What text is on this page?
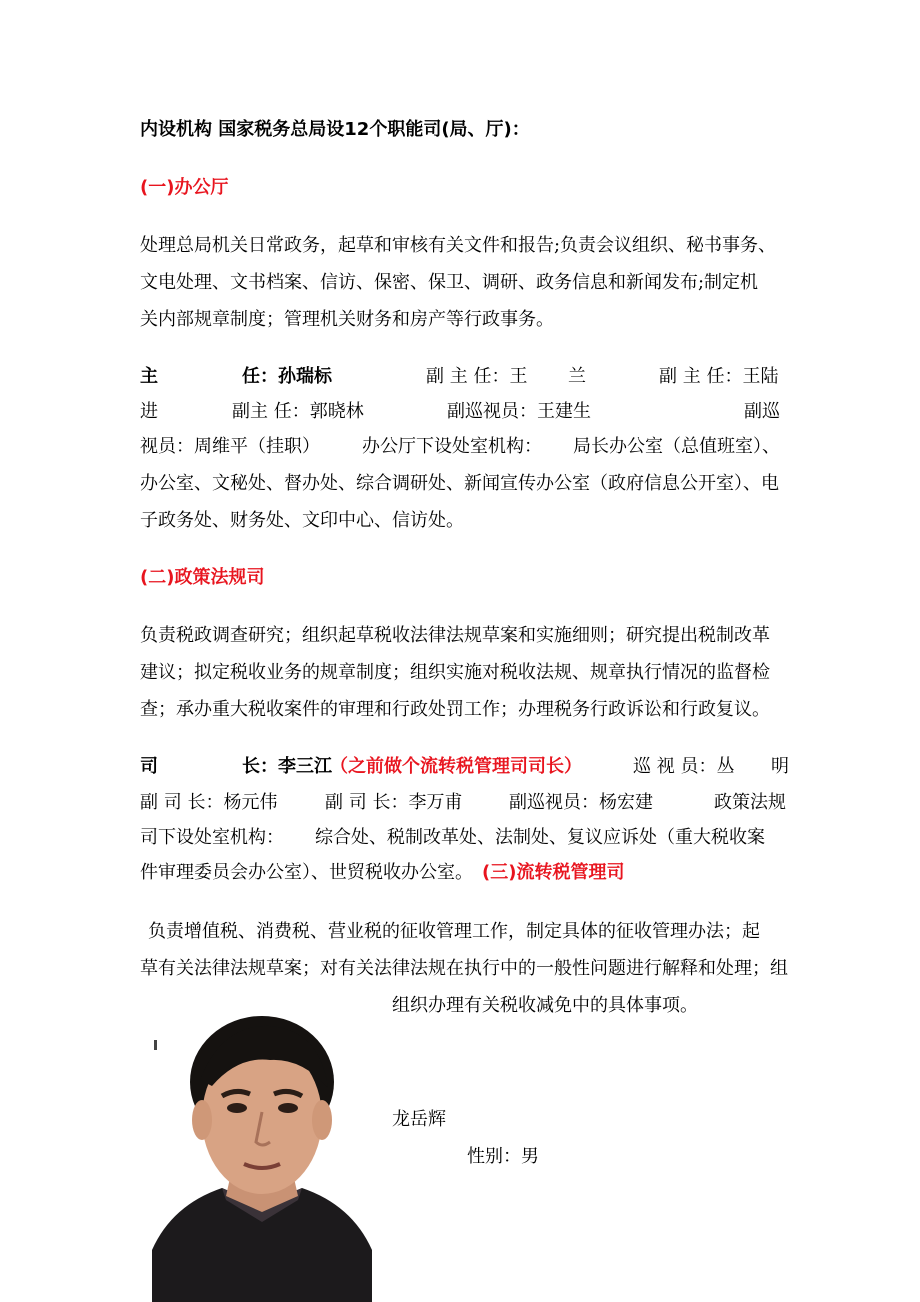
内设机构 国家税务总局设12个职能司(局、厅)：
(一)办公厅
处理总局机关日常政务，起草和审核有关文件和报告;负责会议组织、秘书事务、
文电处理、文书档案、信访、保密、保卫、调研、政务信息和新闻发布;制定机
关内部规章制度；管理机关财务和房产等行政事务。
主	任：孙瑞标	副 主 任：王 兰	副 主 任：王陆
进	副主 任：郭晓林	副巡视员：王建生	副巡
视员：周维平（挂职） 办公厅下设处室机构： 局长办公室（总值班室）、
办公室、文秘处、督办处、综合调研处、新闻宣传办公室（政府信息公开室）、电
子政务处、财务处、文印中心、信访处。
(二)政策法规司
负责税政调查研究；组织起草税收法律法规草案和实施细则；研究提出税制改革
建议；拟定税收业务的规章制度；组织实施对税收法规、规章执行情况的监督检
查；承办重大税收案件的审理和行政处罚工作；办理税务行政诉讼和行政复议。
司	长：李三江
（之前做个流转税管理司司长）	巡 视 员：丛 明
副 司 长：杨元伟	副 司 长：李万甫	副巡视员：杨宏建	政策法规
司下设处室机构： 综合处、税制改革处、法制处、复议应诉处（重大税收案
件审理委员会办公室）、世贸税收办公室。 (三)流转税管理司
负责增值税、消费税、营业税的征收管理工作，制定具体的征收管理办法；起
草有关法律法规草案；对有关法律法规在执行中的一般性问题进行解释和处理；组
组织办理有关税收减免中的具体事项。
龙岳辉
性别：男
